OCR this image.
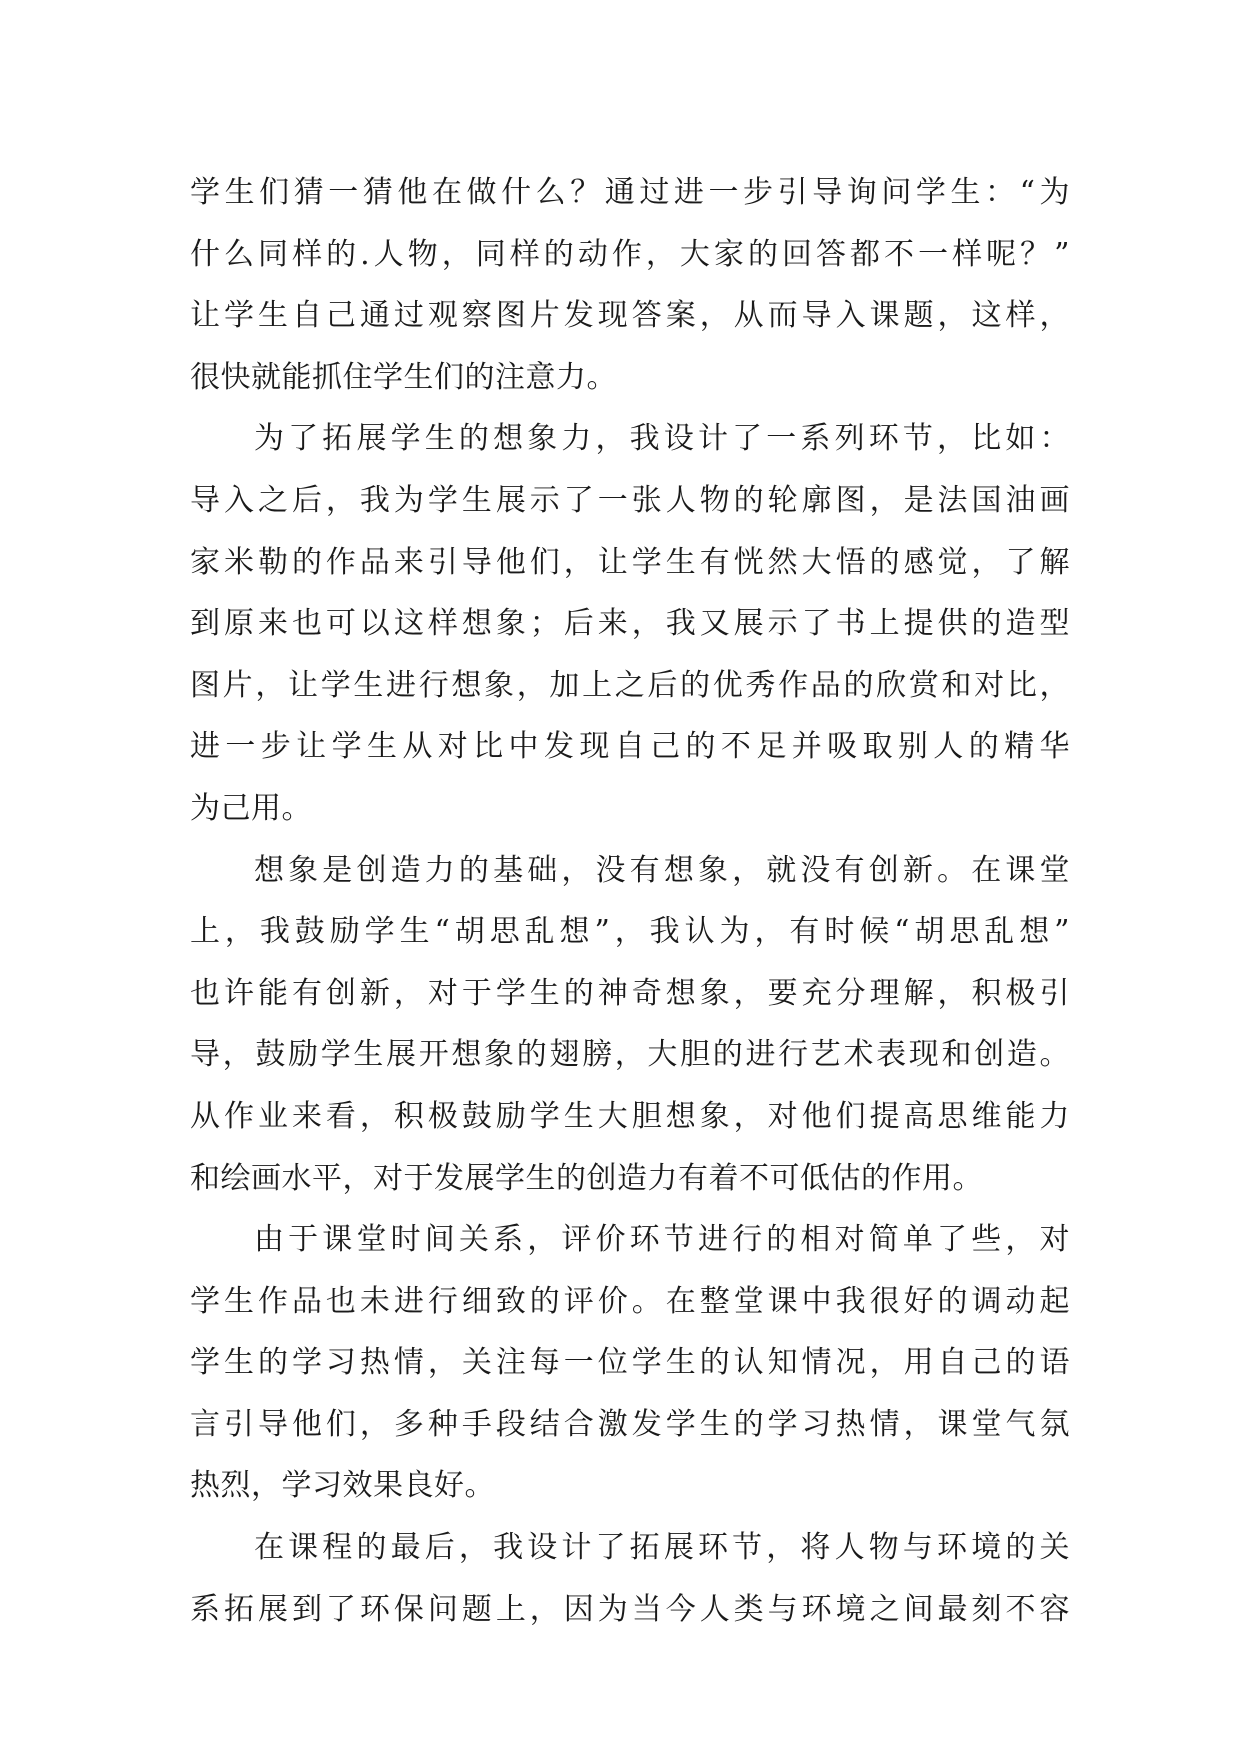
学生们猜一猜他在做什么？通过进一步引导询问学生：“为
什么同样的.人物，同样的动作，大家的回答都不一样呢？”
让学生自己通过观察图片发现答案，从而导入课题，这样，
很快就能抓住学生们的注意力。
为了拓展学生的想象力，我设计了一系列环节，比如：
导入之后，我为学生展示了一张人物的轮廓图，是法国油画
家米勒的作品来引导他们，让学生有恍然大悟的感觉，了解
到原来也可以这样想象；后来，我又展示了书上提供的造型
图片，让学生进行想象，加上之后的优秀作品的欣赏和对比，
进一步让学生从对比中发现自己的不足并吸取别人的精华
为己用。
想象是创造力的基础，没有想象，就没有创新。在课堂
上，我鼓励学生“胡思乱想”，我认为，有时候“胡思乱想”
也许能有创新，对于学生的神奇想象，要充分理解，积极引
导，鼓励学生展开想象的翅膀，大胆的进行艺术表现和创造。
从作业来看，积极鼓励学生大胆想象，对他们提高思维能力
和绘画水平，对于发展学生的创造力有着不可低估的作用。
由于课堂时间关系，评价环节进行的相对简单了些，对
学生作品也未进行细致的评价。在整堂课中我很好的调动起
学生的学习热情，关注每一位学生的认知情况，用自己的语
言引导他们，多种手段结合激发学生的学习热情，课堂气氛
热烈，学习效果良好。
在课程的最后，我设计了拓展环节，将人物与环境的关
系拓展到了环保问题上，因为当今人类与环境之间最刻不容
